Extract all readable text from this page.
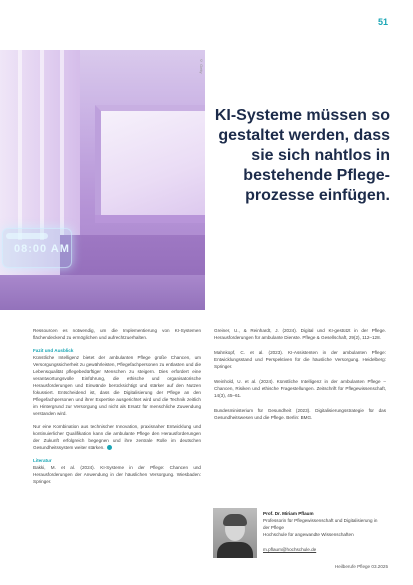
51
08:00 AM
© Getty
KI-Systeme müssen so gestaltet werden, dass sie sich nahtlos in bestehende Pflegeprozesse einfügen.

Ressourcen es notwendig, um die Implementierung von KI-Systemen flächendeckend zu ermöglichen und aufrechtzuerhalten.

Fazit und Ausblick

Künstliche Intelligenz bietet der ambulanten Pflege große Chancen, um Versorgungssicherheit zu gewährleisten, Pflegefachpersonen zu entlasten und die Lebensqualität pflegebedürftiger Menschen zu steigern. Dies erfordert eine verantwortungsvolle Einführung, die ethische und organisatorische Herausforderungen und Einwände berücksichtigt und stärker auf den Nutzen fokussiert. Entscheidend ist, dass die Digitalisierung der Pflege an den Pflegefachpersonen und ihrer Expertise ausgerichtet wird und die Technik zeitlich im Hintergrund zur Versorgung und nicht als Ersatz für menschliche Zuwendung verstanden wird.

Nur eine Kombination aus technischer Innovation, praxisnaher Entwicklung und kontinuierlicher Qualifikation kann die ambulante Pflege den Herausforderungen der Zukunft erfolgreich begegnen und ihre zentrale Rolle im deutschen Gesundheitssystem weiter stärken.

Literatur

Bakki, M. et al. (2024). KI-Systeme in der Pflege: Chancen und Herausforderungen der Anwendung in der häuslichen Versorgung. Wiesbaden: Springer.

Greiner, U., & Reinhardt, J. (2024). Digital und KI-gestützt in der Pflege. Herausforderungen für ambulante Dienste. Pflege & Gesellschaft, 29(2), 112–128.

Mahnkopf, C. et al. (2023). KI-Assistenten in der ambulanten Pflege: Entwicklungsstand und Perspektiven für die häusliche Versorgung. Heidelberg: Springer.

Weinhold, U. et al. (2024). Künstliche Intelligenz in der ambulanten Pflege – Chancen, Risiken und ethische Fragestellungen. Zeitschrift für Pflegewissenschaft, 14(3), 45–61.

Bundesministerium für Gesundheit (2023). Digitalisierungsstrategie für das Gesundheitswesen und die Pflege. Berlin: BMG.

Prof. Dr. Miriam Pflaum
Professorin für Pflegewissenschaft und Digitalisierung in der Pflege
Hochschule für angewandte Wissenschaften
m.pflaum@hochschule.de
Heilberufe Pflege 03.2025
